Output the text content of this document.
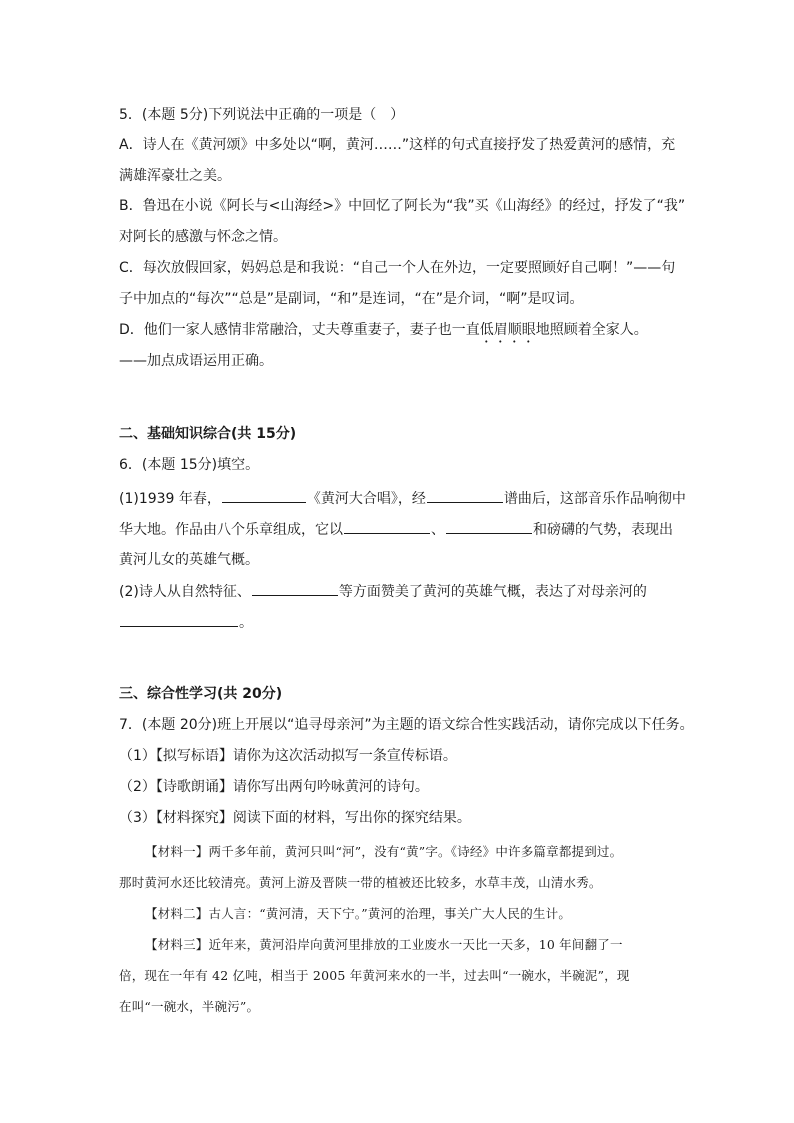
5．(本题 5分)下列说法中正确的一项是（　）
A．诗人在《黄河颂》中多处以“啊，黄河……”这样的句式直接抒发了热爱黄河的感情，充
满雄浑豪壮之美。
B．鲁迅在小说《阿长与<山海经>》中回忆了阿长为“我”买《山海经》的经过，抒发了“我”
对阿长的感激与怀念之情。
C．每次放假回家，妈妈总是和我说：“自己一个人在外边，一定要照顾好自己啊！”——句
子中加点的“每次”“总是”是副词，“和”是连词，“在”是介词，“啊”是叹词。
D．他们一家人感情非常融洽，丈夫尊重妻子，妻子也一直低眉顺眼地照顾着全家人。
——加点成语运用正确。
二、基础知识综合(共 15分)
6．(本题 15分)填空。
(1)1939 年春，	《黄河大合唱》，经	谱曲后，这部音乐作品响彻中
华大地。作品由八个乐章组成，它以	、	和磅礴的气势，表现出
黄河儿女的英雄气概。
(2)诗人从自然特征、	等方面赞美了黄河的英雄气概，表达了对母亲河的
。
三、综合性学习(共 20分)
7．(本题 20分)班上开展以“追寻母亲河”为主题的语文综合性实践活动，请你完成以下任务。
（1）【拟写标语】请你为这次活动拟写一条宣传标语。
（2）【诗歌朗诵】请你写出两句吟咏黄河的诗句。
（3）【材料探究】阅读下面的材料，写出你的探究结果。
【材料一】两千多年前，黄河只叫“河”，没有“黄”字。《诗经》中许多篇章都提到过。
那时黄河水还比较清亮。黄河上游及晋陕一带的植被还比较多，水草丰茂，山清水秀。
【材料二】古人言：“黄河清，天下宁。”黄河的治理，事关广大人民的生计。
【材料三】近年来，黄河沿岸向黄河里排放的工业废水一天比一天多，10 年间翻了一
倍，现在一年有 42 亿吨，相当于 2005 年黄河来水的一半，过去叫“一碗水，半碗泥”，现
在叫“一碗水，半碗污”。
